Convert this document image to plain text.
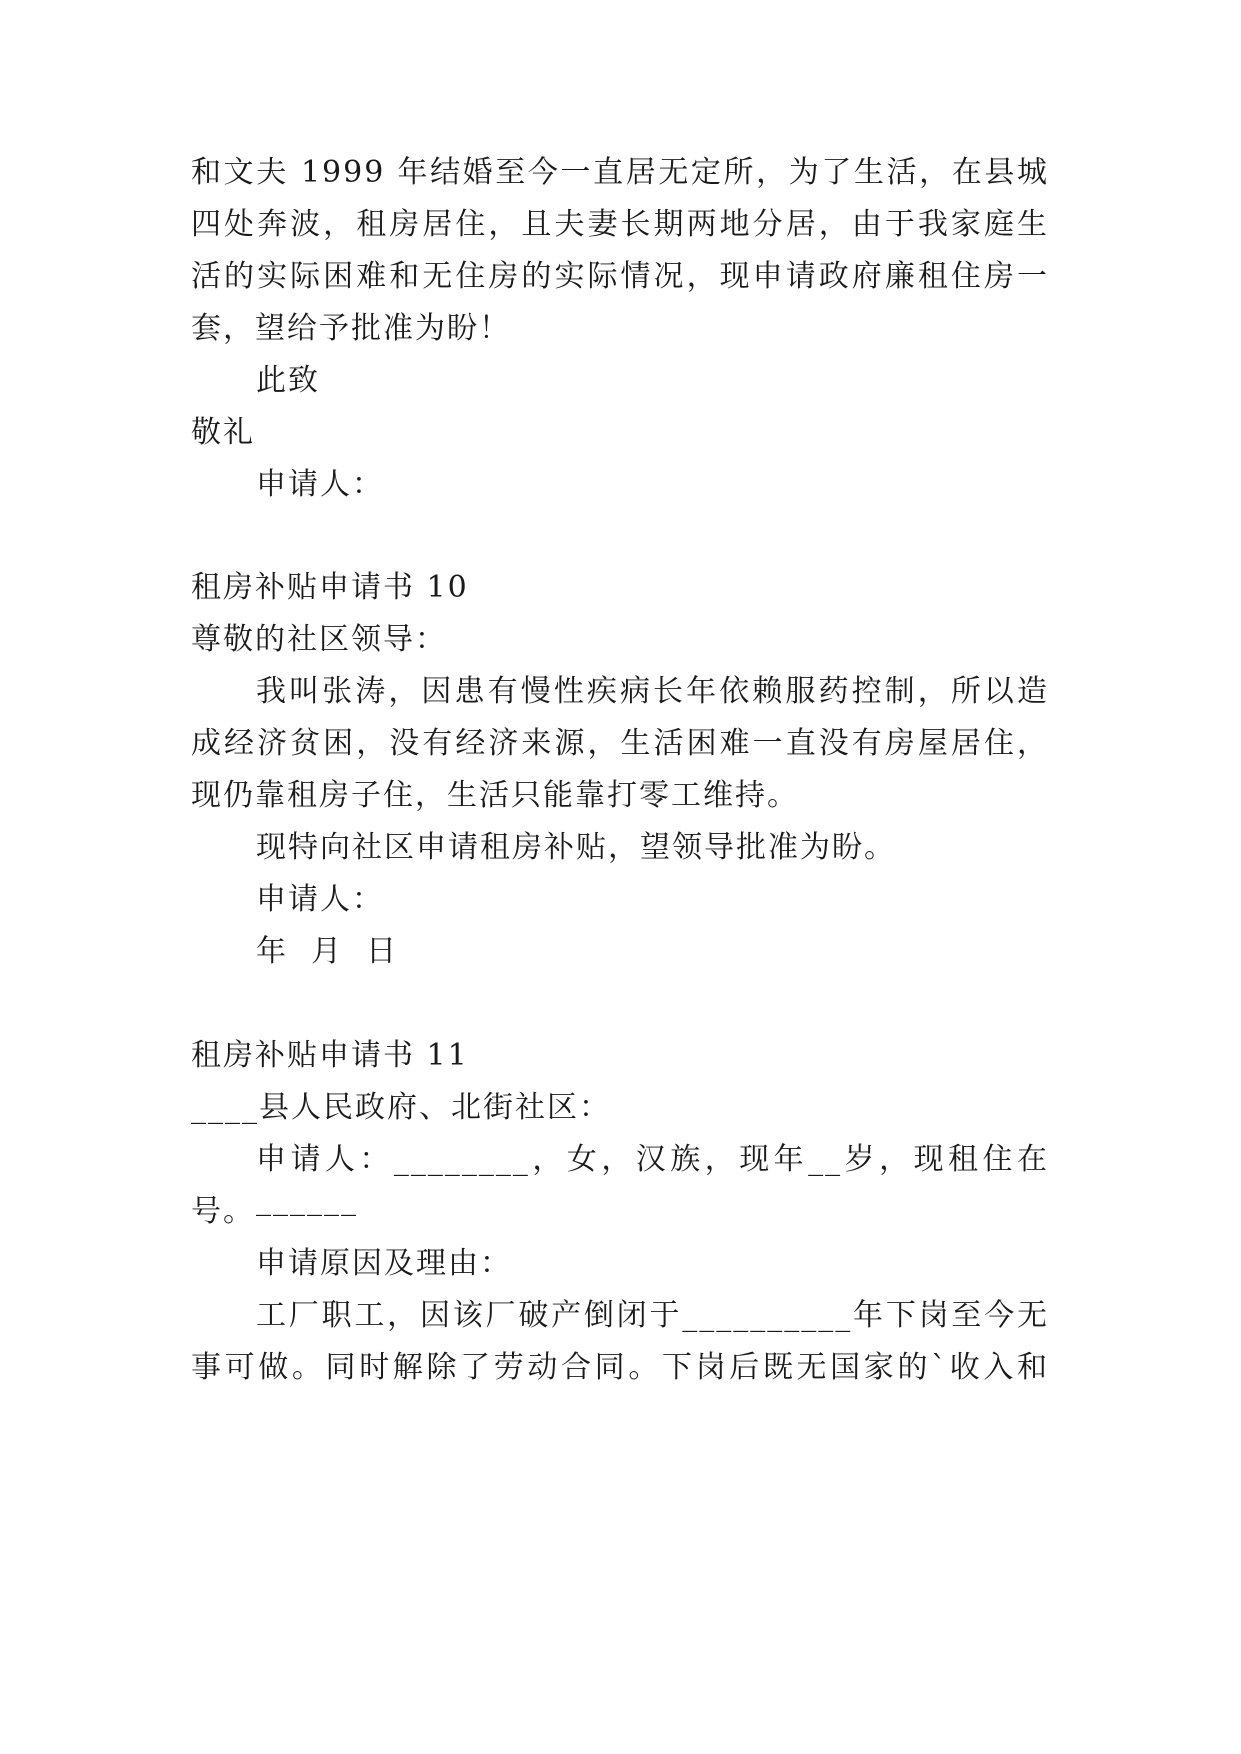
和文夫 1999 年结婚至今一直居无定所，为了生活，在县城
四处奔波，租房居住，且夫妻长期两地分居，由于我家庭生
活的实际困难和无住房的实际情况，现申请政府廉租住房一
套，望给予批准为盼！
此致
敬礼
申请人：
租房补贴申请书 10
尊敬的社区领导：
我叫张涛，因患有慢性疾病长年依赖服药控制，所以造
成经济贫困，没有经济来源，生活困难一直没有房屋居住，
现仍靠租房子住，生活只能靠打零工维持。
现特向社区申请租房补贴，望领导批准为盼。
申请人：
年  月  日
租房补贴申请书 11
____县人民政府、北街社区：
申请人：________，女，汉族，现年__岁，现租住在______
号。
申请原因及理由：
工厂职工，因该厂破产倒闭于__________年下岗至今无
事可做。同时解除了劳动合同。下岗后既无国家的`收入和
